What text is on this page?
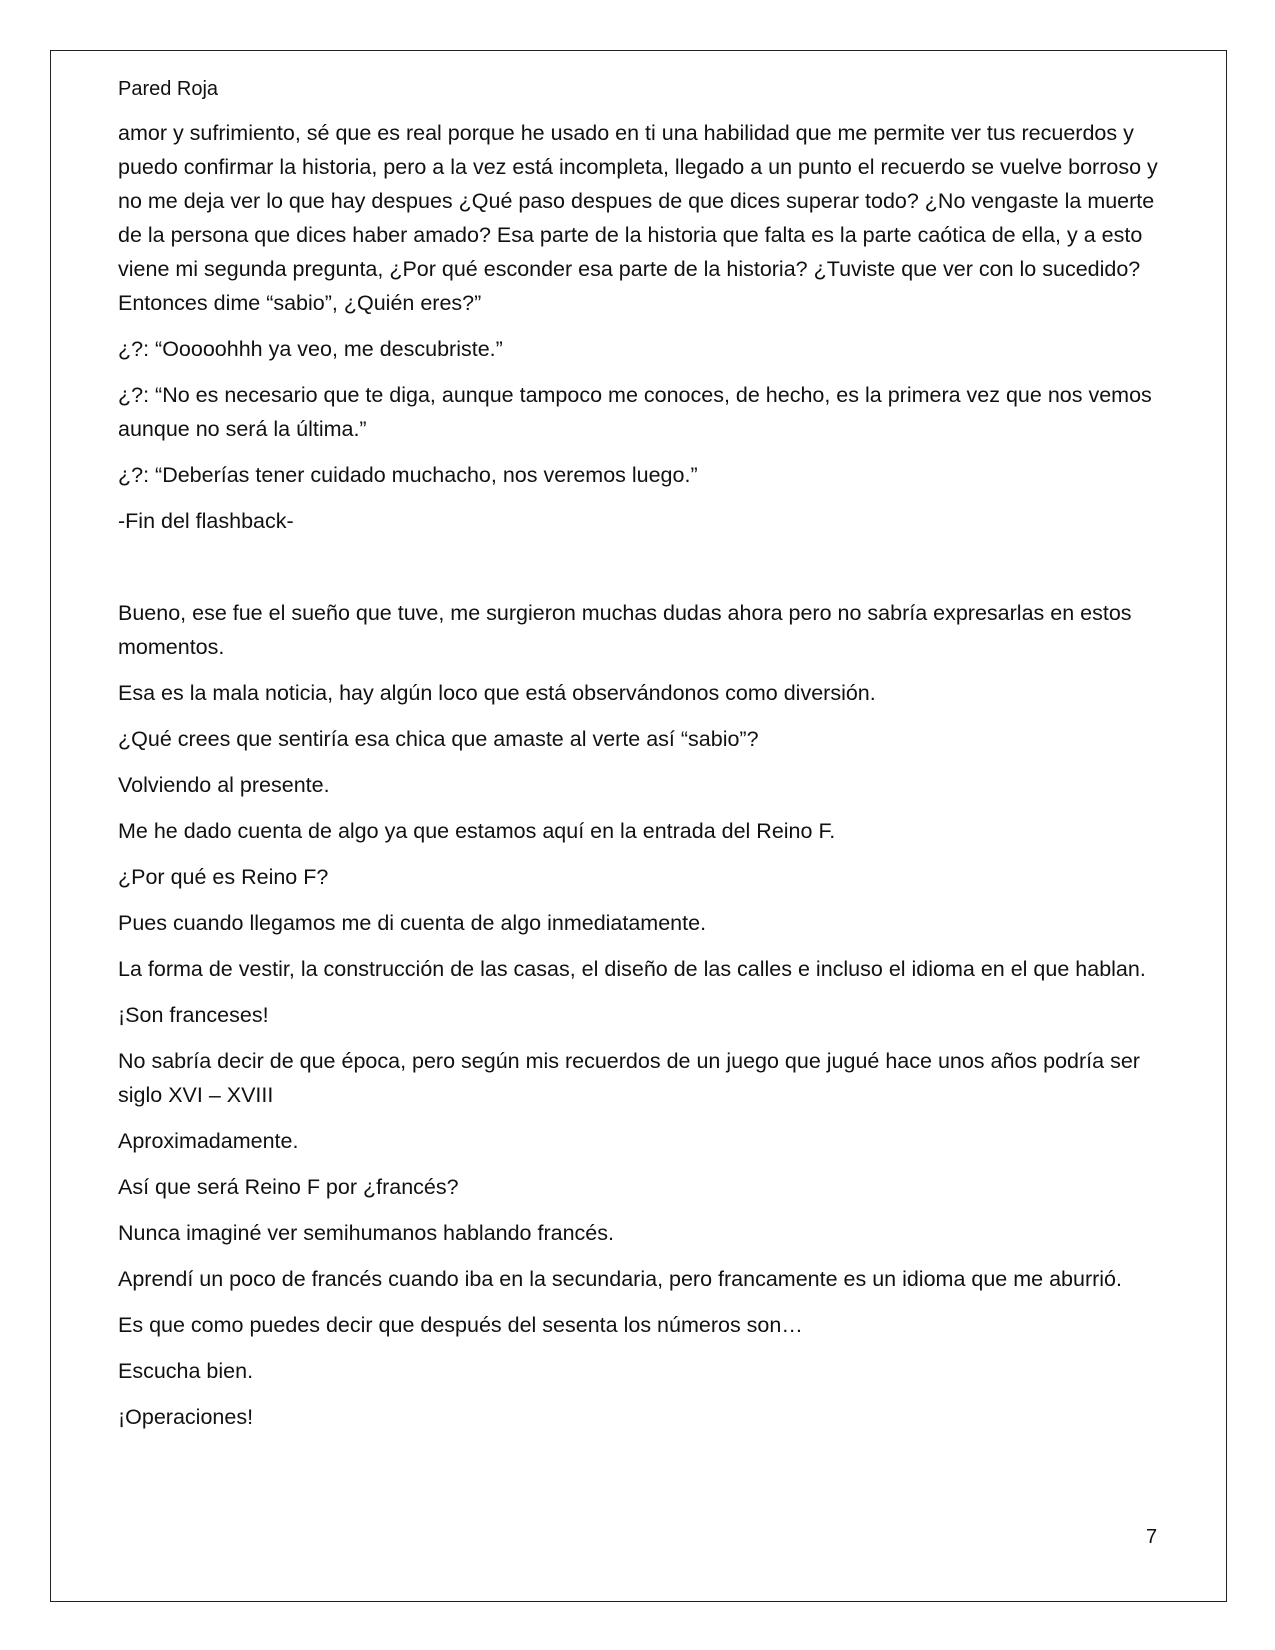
Pared Roja

amor y sufrimiento, sé que es real porque he usado en ti una habilidad que me permite ver tus recuerdos y puedo confirmar la historia, pero a la vez está incompleta, llegado a un punto el recuerdo se vuelve borroso y no me deja ver lo que hay despues ¿Qué paso despues de que dices superar todo? ¿No vengaste la muerte de la persona que dices haber amado? Esa parte de la historia que falta es la parte caótica de ella, y a esto viene mi segunda pregunta, ¿Por qué esconder esa parte de la historia? ¿Tuviste que ver con lo sucedido? Entonces dime “sabio”, ¿Quién eres?”

¿?: “Ooooohhh ya veo, me descubriste.”

¿?: “No es necesario que te diga, aunque tampoco me conoces, de hecho, es la primera vez que nos vemos aunque no será la última.”

¿?: “Deberías tener cuidado muchacho, nos veremos luego.”

-Fin del flashback-

Bueno, ese fue el sueño que tuve, me surgieron muchas dudas ahora pero no sabría expresarlas en estos momentos.

Esa es la mala noticia, hay algún loco que está observándonos como diversión.

¿Qué crees que sentiría esa chica que amaste al verte así “sabio”?

Volviendo al presente.

Me he dado cuenta de algo ya que estamos aquí en la entrada del Reino F.

¿Por qué es Reino F?

Pues cuando llegamos me di cuenta de algo inmediatamente.

La forma de vestir, la construcción de las casas, el diseño de las calles e incluso el idioma en el que hablan.

¡Son franceses!

No sabría decir de que época, pero según mis recuerdos de un juego que jugué hace unos años podría ser siglo XVI – XVIII

Aproximadamente.

Así que será Reino F por ¿francés?

Nunca imaginé ver semihumanos hablando francés.

Aprendí un poco de francés cuando iba en la secundaria, pero francamente es un idioma que me aburrió.

Es que como puedes decir que después del sesenta los números son…

Escucha bien.

¡Operaciones!

7
